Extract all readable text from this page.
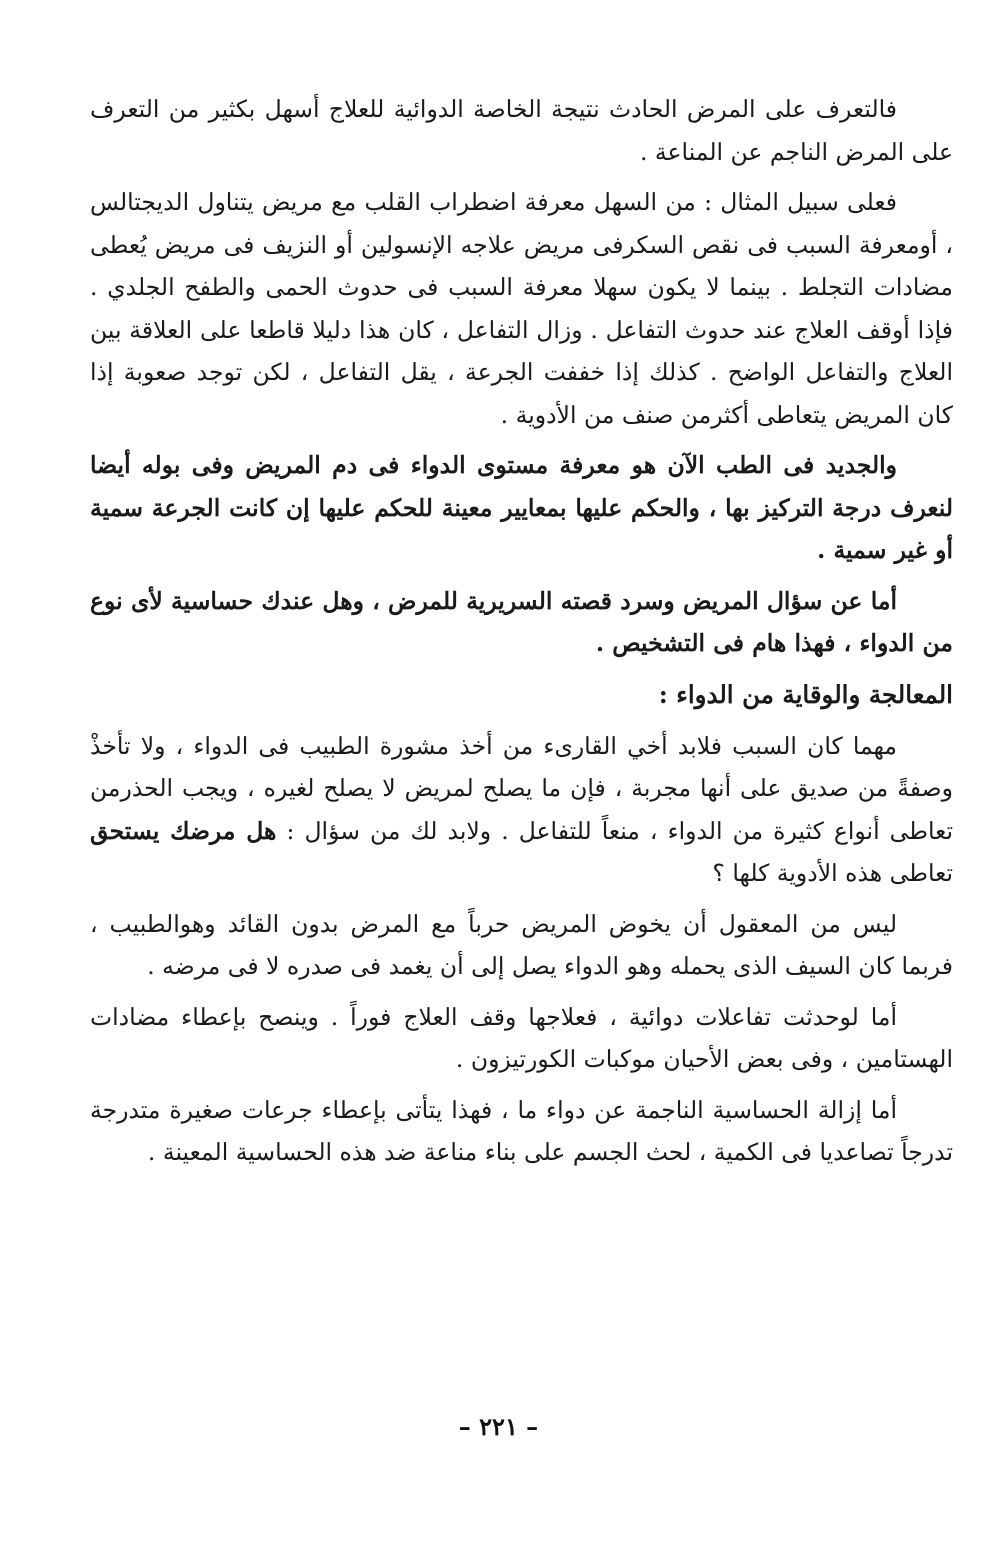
فالتعرف على المرض الحادث نتيجة الخاصة الدوائية للعلاج أسهل بكثير من التعرف على المرض الناجم عن المناعة .

فعلى سبيل المثال : من السهل معرفة اضطراب القلب مع مريض يتناول الديجتالس ، أومعرفة السبب فى نقص السكرفى مريض علاجه الإنسولين أو النزيف فى مريض يُعطى مضادات التجلط . بينما لا يكون سهلا معرفة السبب فى حدوث الحمى والطفح الجلدي . فإذا أوقف العلاج عند حدوث التفاعل . وزال التفاعل ، كان هذا دليلا قاطعا على العلاقة بين العلاج والتفاعل الواضح . كذلك إذا خففت الجرعة ، يقل التفاعل ، لكن توجد صعوبة إذا كان المريض يتعاطى أكثرمن صنف من الأدوية .

والجديد فى الطب الآن هو معرفة مستوى الدواء فى دم المريض وفى بوله أيضا لنعرف درجة التركيز بها ، والحكم عليها بمعايير معينة للحكم عليها إن كانت الجرعة سمية أو غير سمية .

أما عن سؤال المريض وسرد قصته السريرية للمرض ، وهل عندك حساسية لأى نوع من الدواء ، فهذا هام فى التشخيص .

المعالجة والوقاية من الدواء :

مهما كان السبب فلابد أخي القارىء من أخذ مشورة الطبيب فى الدواء ، ولا تأخذْ وصفةً من صديق على أنها مجربة ، فإن ما يصلح لمريض لا يصلح لغيره ، ويجب الحذرمن تعاطى أنواع كثيرة من الدواء ، منعاً للتفاعل . ولابد لك من سؤال : هل مرضك يستحق تعاطى هذه الأدوية كلها ؟

ليس من المعقول أن يخوض المريض حرباً مع المرض بدون القائد وهوالطبيب ، فربما كان السيف الذى يحمله وهو الدواء يصل إلى أن يغمد فى صدره لا فى مرضه .

أما لوحدثت تفاعلات دوائية ، فعلاجها وقف العلاج فوراً . وينصح بإعطاء مضادات الهستامين ، وفى بعض الأحيان موكبات الكورتيزون .

أما إزالة الحساسية الناجمة عن دواء ما ، فهذا يتأتى بإعطاء جرعات صغيرة متدرجة تدرجاً تصاعديا فى الكمية ، لحث الجسم على بناء مناعة ضد هذه الحساسية المعينة .

– ٢٢١ –
